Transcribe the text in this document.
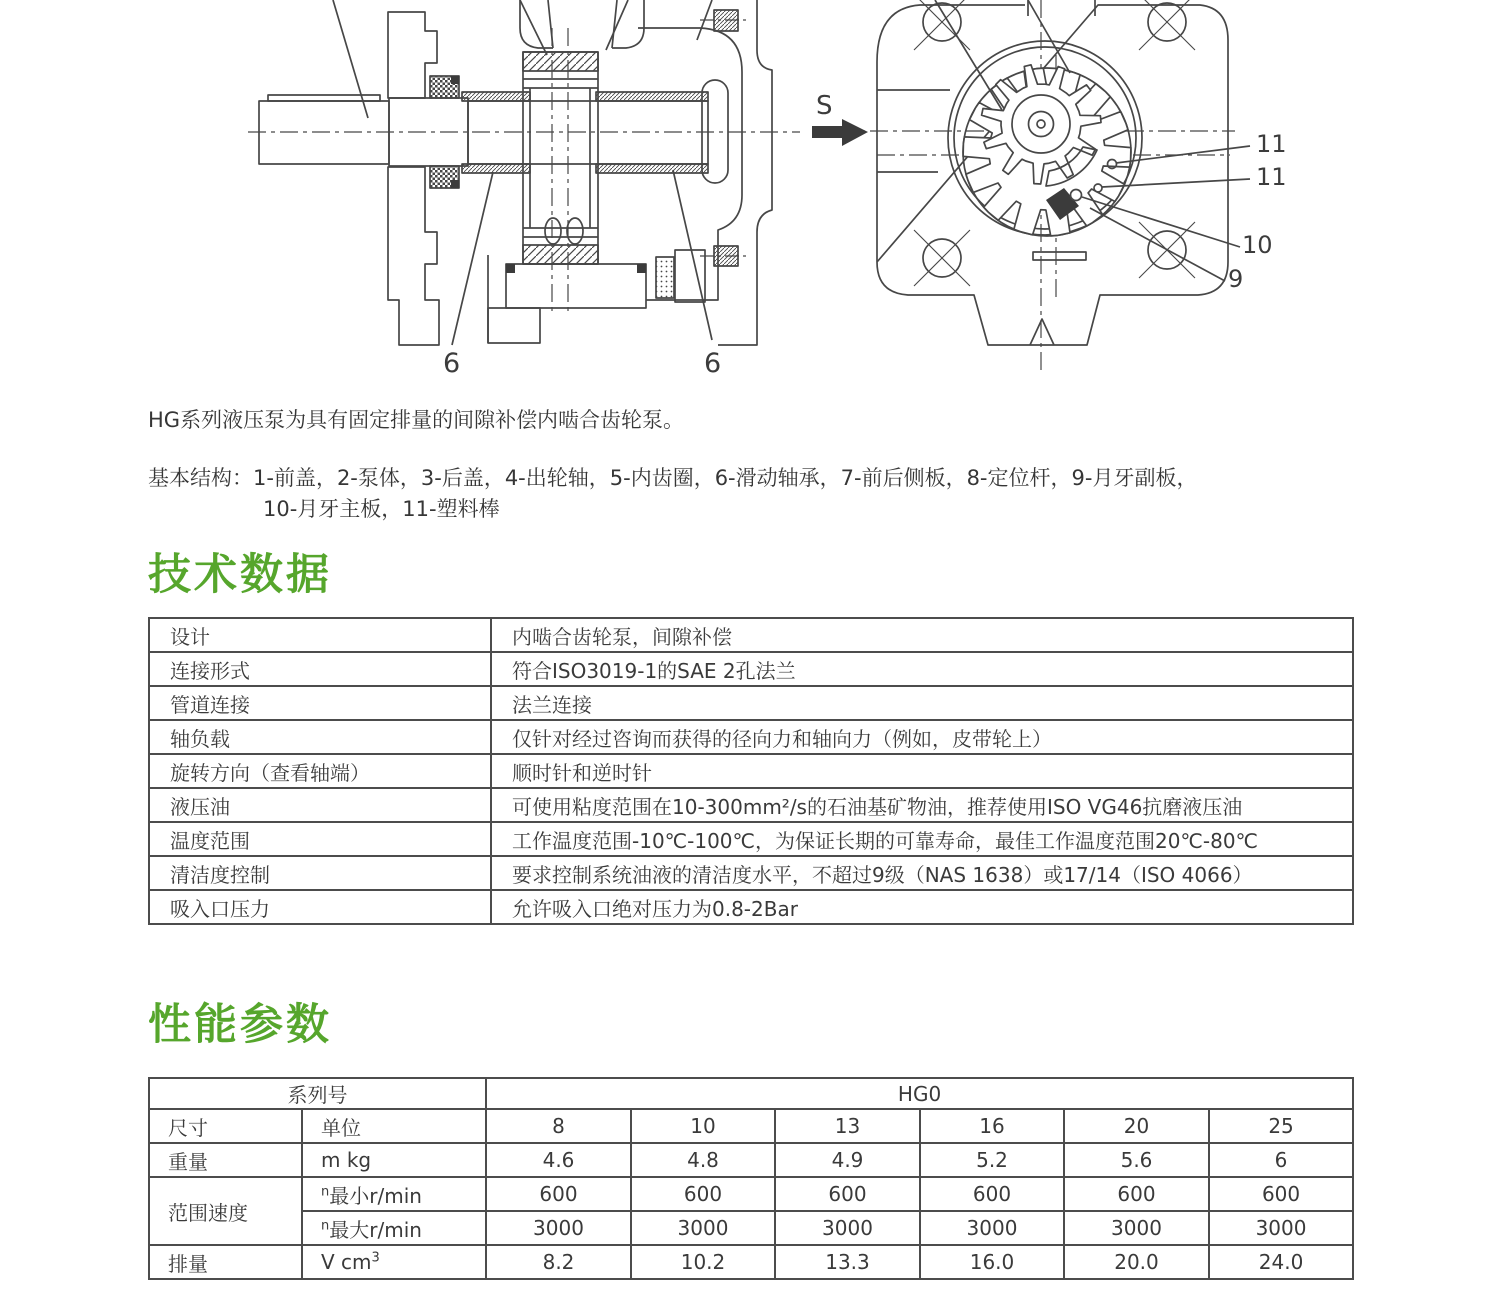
6	6
S
11
11
10
9
HG系列液压泵为具有固定排量的间隙补偿内啮合齿轮泵。
基本结构：1-前盖，2-泵体，3-后盖，4-出轮轴，5-内齿圈，6-滑动轴承，7-前后侧板，8-定位杆，9-月牙副板，
10-月牙主板，11-塑料棒
技术数据
设计	内啮合齿轮泵，间隙补偿
连接形式	符合ISO3019-1的SAE 2孔法兰
管道连接	法兰连接
轴负载	仅针对经过咨询而获得的径向力和轴向力（例如，皮带轮上）
旋转方向（查看轴端）	顺时针和逆时针
液压油	可使用粘度范围在10-300mm²/s的石油基矿物油，推荐使用ISO VG46抗磨液压油
温度范围	工作温度范围-10℃-100℃，为保证长期的可靠寿命，最佳工作温度范围20℃-80℃
清洁度控制	要求控制系统油液的清洁度水平，不超过9级（NAS 1638）或17/14（ISO 4066）
吸入口压力	允许吸入口绝对压力为0.8-2Bar
性能参数
系列号		HG0					
尺寸	单位	8	10	13	16	20	25
重量	m kg	4.6	4.8	4.9	5.2	5.6	6
范围速度	$^n$最小r/min	600	600	600	600	600	600
	$^n$最大r/min	3000	3000	3000	3000	3000	3000
排量	V $cm^3$	8.2	10.2	13.3	16.0	20.0	24.0
